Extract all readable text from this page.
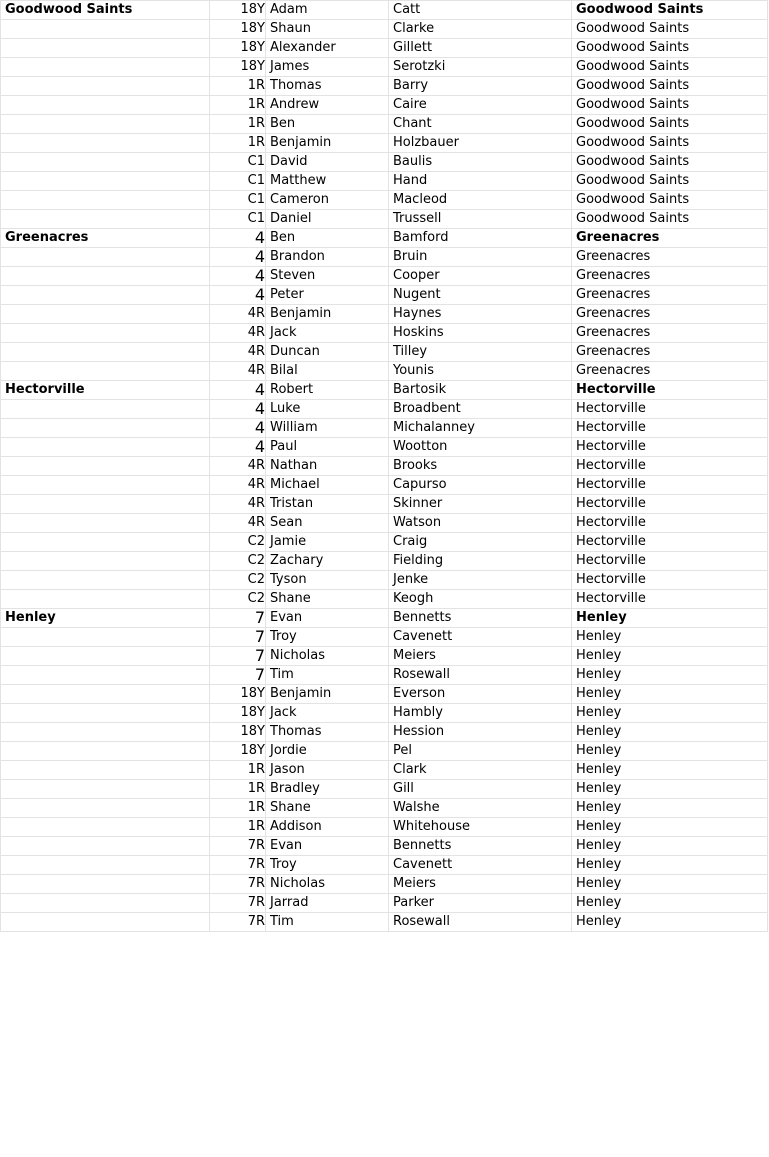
Goodwood Saints	18Y	Adam	Catt	Goodwood Saints
	18Y	Shaun	Clarke	Goodwood Saints
	18Y	Alexander	Gillett	Goodwood Saints
	18Y	James	Serotzki	Goodwood Saints
	1R	Thomas	Barry	Goodwood Saints
	1R	Andrew	Caire	Goodwood Saints
	1R	Ben	Chant	Goodwood Saints
	1R	Benjamin	Holzbauer	Goodwood Saints
	C1	David	Baulis	Goodwood Saints
	C1	Matthew	Hand	Goodwood Saints
	C1	Cameron	Macleod	Goodwood Saints
	C1	Daniel	Trussell	Goodwood Saints
Greenacres	4	Ben	Bamford	Greenacres
	4	Brandon	Bruin	Greenacres
	4	Steven	Cooper	Greenacres
	4	Peter	Nugent	Greenacres
	4R	Benjamin	Haynes	Greenacres
	4R	Jack	Hoskins	Greenacres
	4R	Duncan	Tilley	Greenacres
	4R	Bilal	Younis	Greenacres
Hectorville	4	Robert	Bartosik	Hectorville
	4	Luke	Broadbent	Hectorville
	4	William	Michalanney	Hectorville
	4	Paul	Wootton	Hectorville
	4R	Nathan	Brooks	Hectorville
	4R	Michael	Capurso	Hectorville
	4R	Tristan	Skinner	Hectorville
	4R	Sean	Watson	Hectorville
	C2	Jamie	Craig	Hectorville
	C2	Zachary	Fielding	Hectorville
	C2	Tyson	Jenke	Hectorville
	C2	Shane	Keogh	Hectorville
Henley	7	Evan	Bennetts	Henley
	7	Troy	Cavenett	Henley
	7	Nicholas	Meiers	Henley
	7	Tim	Rosewall	Henley
	18Y	Benjamin	Everson	Henley
	18Y	Jack	Hambly	Henley
	18Y	Thomas	Hession	Henley
	18Y	Jordie	Pel	Henley
	1R	Jason	Clark	Henley
	1R	Bradley	Gill	Henley
	1R	Shane	Walshe	Henley
	1R	Addison	Whitehouse	Henley
	7R	Evan	Bennetts	Henley
	7R	Troy	Cavenett	Henley
	7R	Nicholas	Meiers	Henley
	7R	Jarrad	Parker	Henley
	7R	Tim	Rosewall	Henley
